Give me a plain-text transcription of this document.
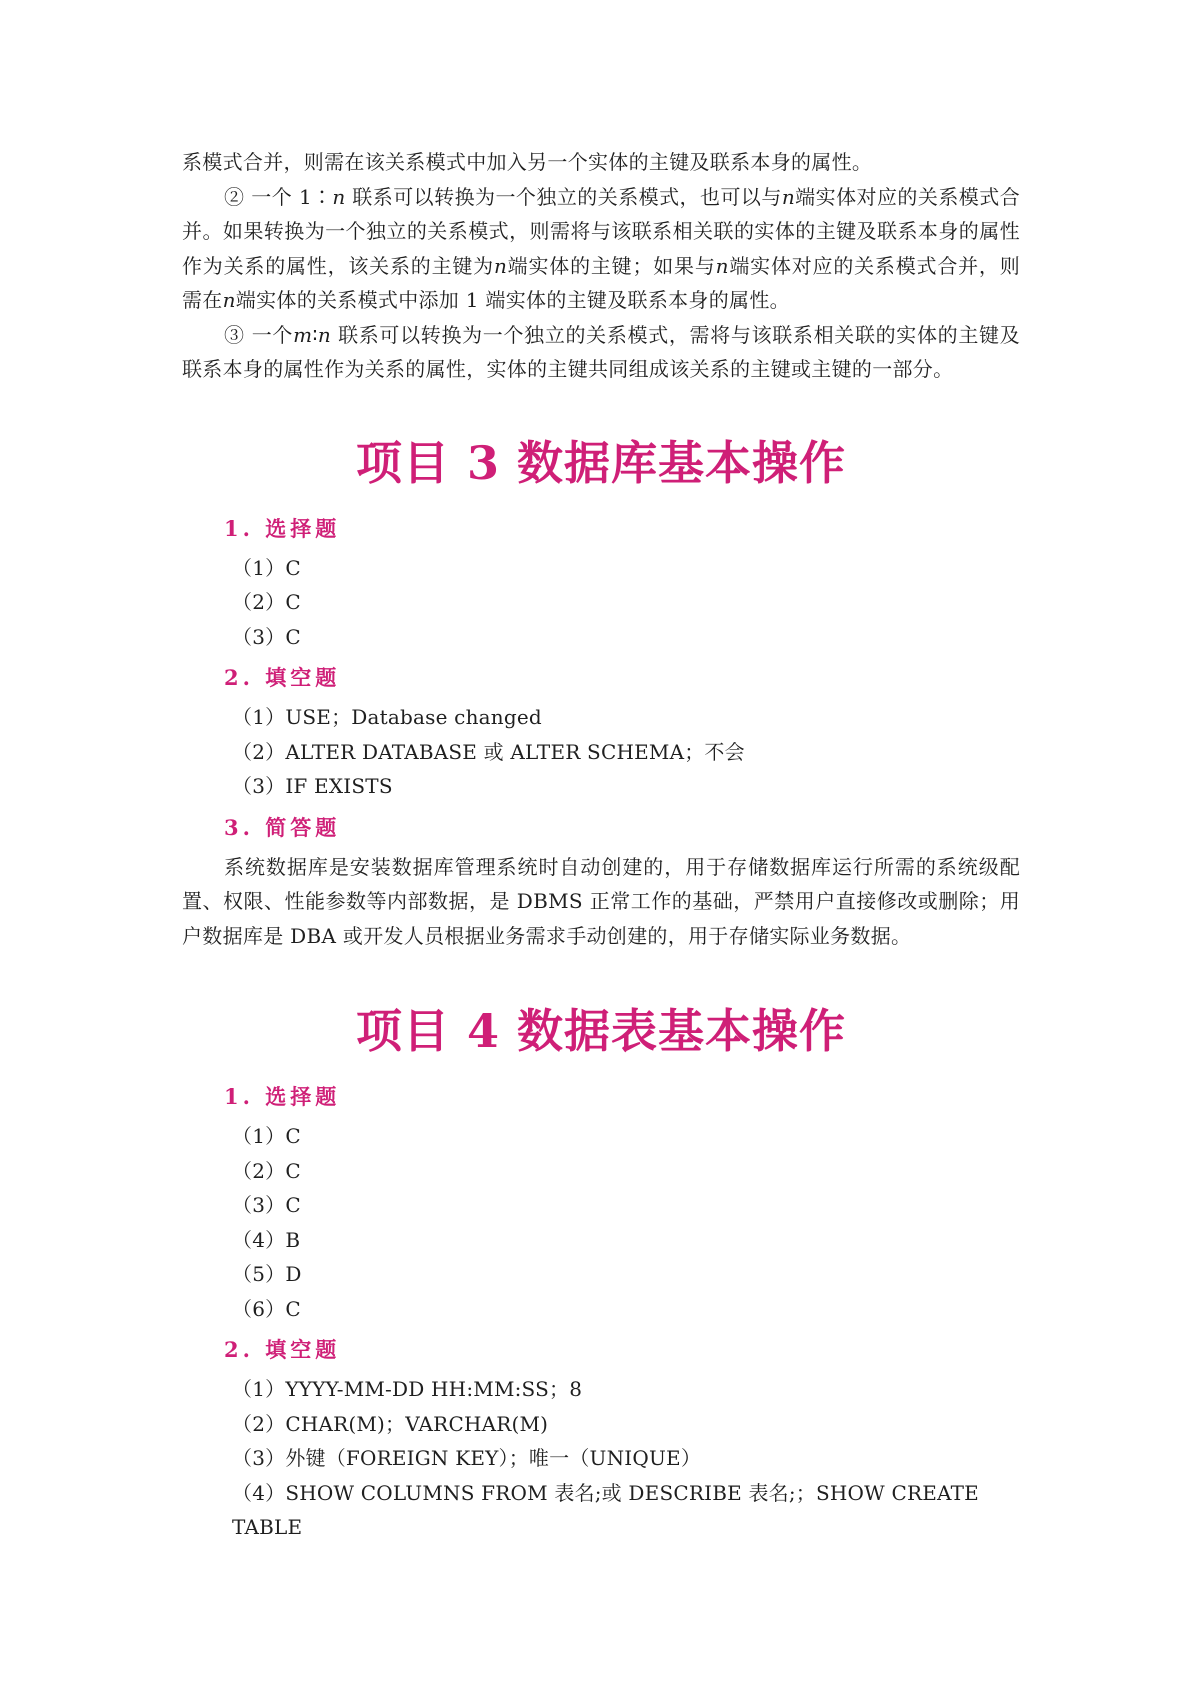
系模式合并，则需在该关系模式中加入另一个实体的主键及联系本身的属性。

② 一个 1∶n 联系可以转换为一个独立的关系模式，也可以与n端实体对应的关系模式合并。如果转换为一个独立的关系模式，则需将与该联系相关联的实体的主键及联系本身的属性作为关系的属性，该关系的主键为n端实体的主键；如果与n端实体对应的关系模式合并，则需在n端实体的关系模式中添加 1 端实体的主键及联系本身的属性。

③ 一个m∶n 联系可以转换为一个独立的关系模式，需将与该联系相关联的实体的主键及联系本身的属性作为关系的属性，实体的主键共同组成该关系的主键或主键的一部分。

项目 3 数据库基本操作
1. 选择题

（1）C

（2）C

（3）C

2. 填空题

（1）USE；Database changed

（2）ALTER DATABASE 或 ALTER SCHEMA；不会

（3）IF EXISTS

3. 简答题

系统数据库是安装数据库管理系统时自动创建的，用于存储数据库运行所需的系统级配置、权限、性能参数等内部数据，是 DBMS 正常工作的基础，严禁用户直接修改或删除；用户数据库是 DBA 或开发人员根据业务需求手动创建的，用于存储实际业务数据。

项目 4 数据表基本操作
1. 选择题

（1）C

（2）C

（3）C

（4）B

（5）D

（6）C

2. 填空题

（1）YYYY-MM-DD HH:MM:SS；8

（2）CHAR(M)；VARCHAR(M)

（3）外键（FOREIGN KEY）；唯一（UNIQUE）

（4）SHOW COLUMNS FROM 表名;或 DESCRIBE 表名;；SHOW CREATE TABLE
